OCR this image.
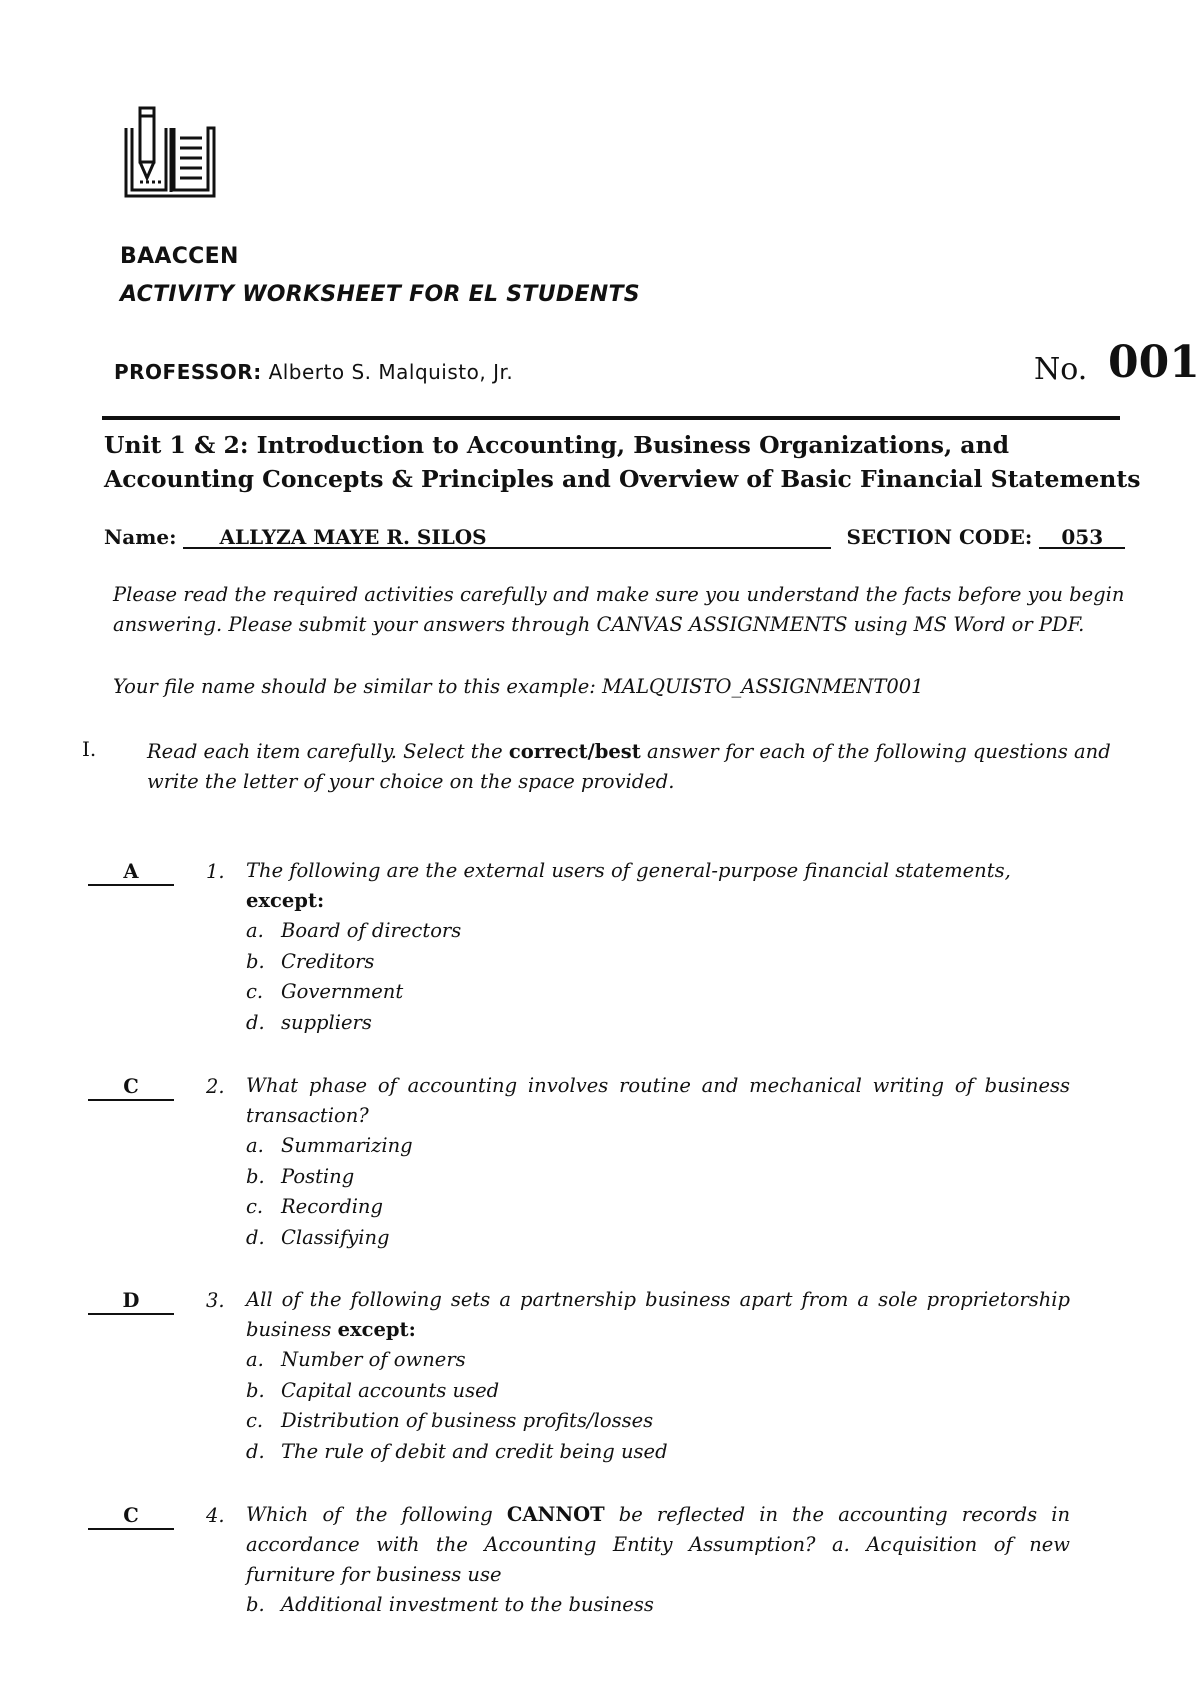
BAACCEN
ACTIVITY WORKSHEET FOR EL STUDENTS
PROFESSOR: Alberto S. Malquisto, Jr.	No. 001
Unit 1 & 2: Introduction to Accounting, Business Organizations, and Accounting Concepts & Principles and Overview of Basic Financial Statements
Name: ALLYZA MAYE R. SILOS	SECTION CODE: 053
Please read the required activities carefully and make sure you understand the facts before you begin answering. Please submit your answers through CANVAS ASSIGNMENTS using MS Word or PDF.
Your file name should be similar to this example: MALQUISTO_ASSIGNMENT001
I.	Read each item carefully. Select the correct/best answer for each of the following questions and write the letter of your choice on the space provided.
A	1. The following are the external users of general-purpose financial statements,
except:
a. Board of directors
b. Creditors
c. Government
d. suppliers
C	2. What phase of accounting involves routine and mechanical writing of business transaction?
a. Summarizing
b. Posting
c. Recording
d. Classifying
D	3. All of the following sets a partnership business apart from a sole proprietorship business except:
a. Number of owners
b. Capital accounts used
c. Distribution of business profits/losses
d. The rule of debit and credit being used
C	4. Which of the following CANNOT be reflected in the accounting records in accordance with the Accounting Entity Assumption? a. Acquisition of new furniture for business use
b. Additional investment to the business
